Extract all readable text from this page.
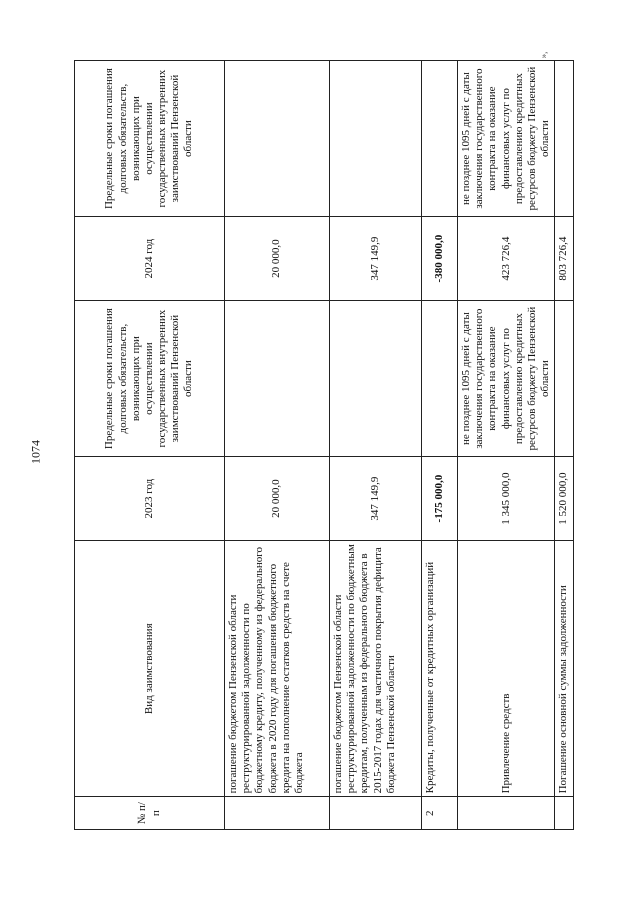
1074
»,
№ п/п	Вид заимствования	2023 год	Предельные сроки погашения долговых обязательств, возникающих при осуществлении государственных внутренних заимствований Пензенской области	2024 год	Предельные сроки погашения долговых обязательств, возникающих при осуществлении государственных внутренних заимствований Пензенской области
	погашение бюджетом Пензенской области реструктурированной задолженности по бюджетному кредиту, полученному из федерального бюджета в 2020 году для погашения бюджетного кредита на пополнение остатков средств на счете бюджета	20 000,0		20 000,0	
	погашение бюджетом Пензенской области реструктурированной задолженности по бюджетным кредитам, полученным из федерального бюджета в 2015-2017 годах для частичного покрытия дефицита бюджета Пензенской области	347 149,9		347 149,9	
2	Кредиты, полученные от кредитных организаций	-175 000,0		-380 000,0	
	Привлечение средств	1 345 000,0	не позднее 1095 дней с даты заключения государственного контракта на оказание финансовых услуг по предоставлению кредитных ресурсов бюджету Пензенской области	423 726,4	не позднее 1095 дней с даты заключения государственного контракта на оказание финансовых услуг по предоставлению кредитных ресурсов бюджету Пензенской области
	Погашение основной суммы задолженности	1 520 000,0		803 726,4	
